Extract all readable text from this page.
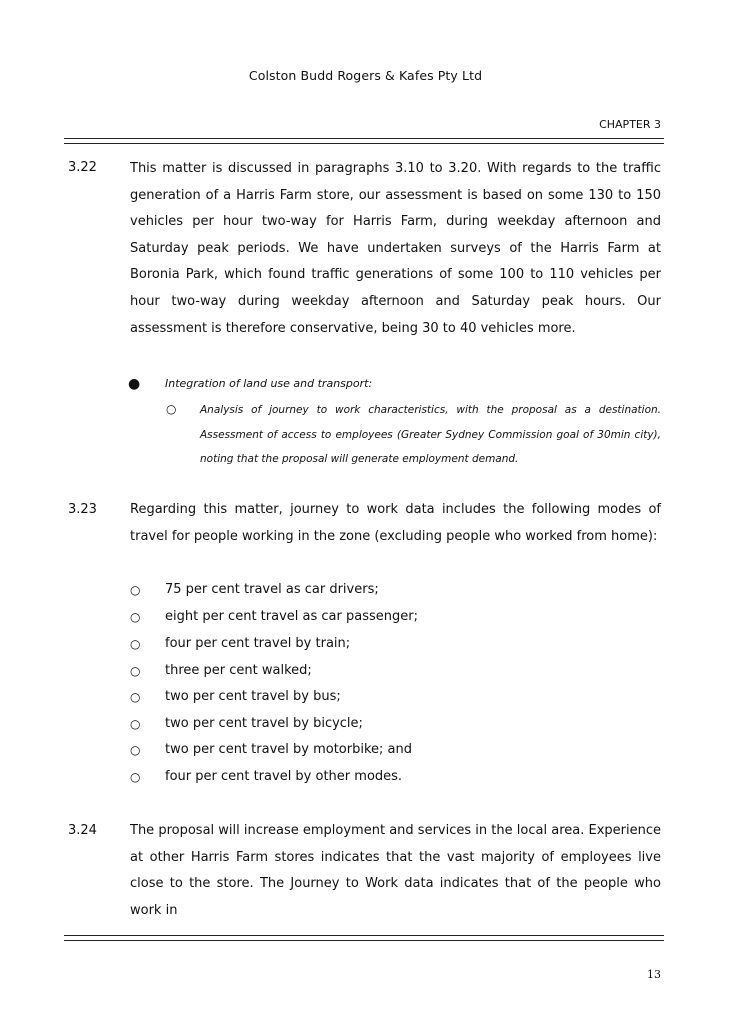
Colston Budd Rogers & Kafes Pty Ltd
CHAPTER 3
3.22	This matter is discussed in paragraphs 3.10 to 3.20. With regards to the traffic generation of a Harris Farm store, our assessment is based on some 130 to 150 vehicles per hour two-way for Harris Farm, during weekday afternoon and Saturday peak periods. We have undertaken surveys of the Harris Farm at Boronia Park, which found traffic generations of some 100 to 110 vehicles per hour two-way during weekday afternoon and Saturday peak hours. Our assessment is therefore conservative, being 30 to 40 vehicles more.
● Integration of land use and transport:
○ Analysis of journey to work characteristics, with the proposal as a destination. Assessment of access to employees (Greater Sydney Commission goal of 30min city), noting that the proposal will generate employment demand.
3.23	Regarding this matter, journey to work data includes the following modes of travel for people working in the zone (excluding people who worked from home):
○ 75 per cent travel as car drivers;
○ eight per cent travel as car passenger;
○ four per cent travel by train;
○ three per cent walked;
○ two per cent travel by bus;
○ two per cent travel by bicycle;
○ two per cent travel by motorbike; and
○ four per cent travel by other modes.
3.24	The proposal will increase employment and services in the local area. Experience at other Harris Farm stores indicates that the vast majority of employees live close to the store. The Journey to Work data indicates that of the people who work in
13
